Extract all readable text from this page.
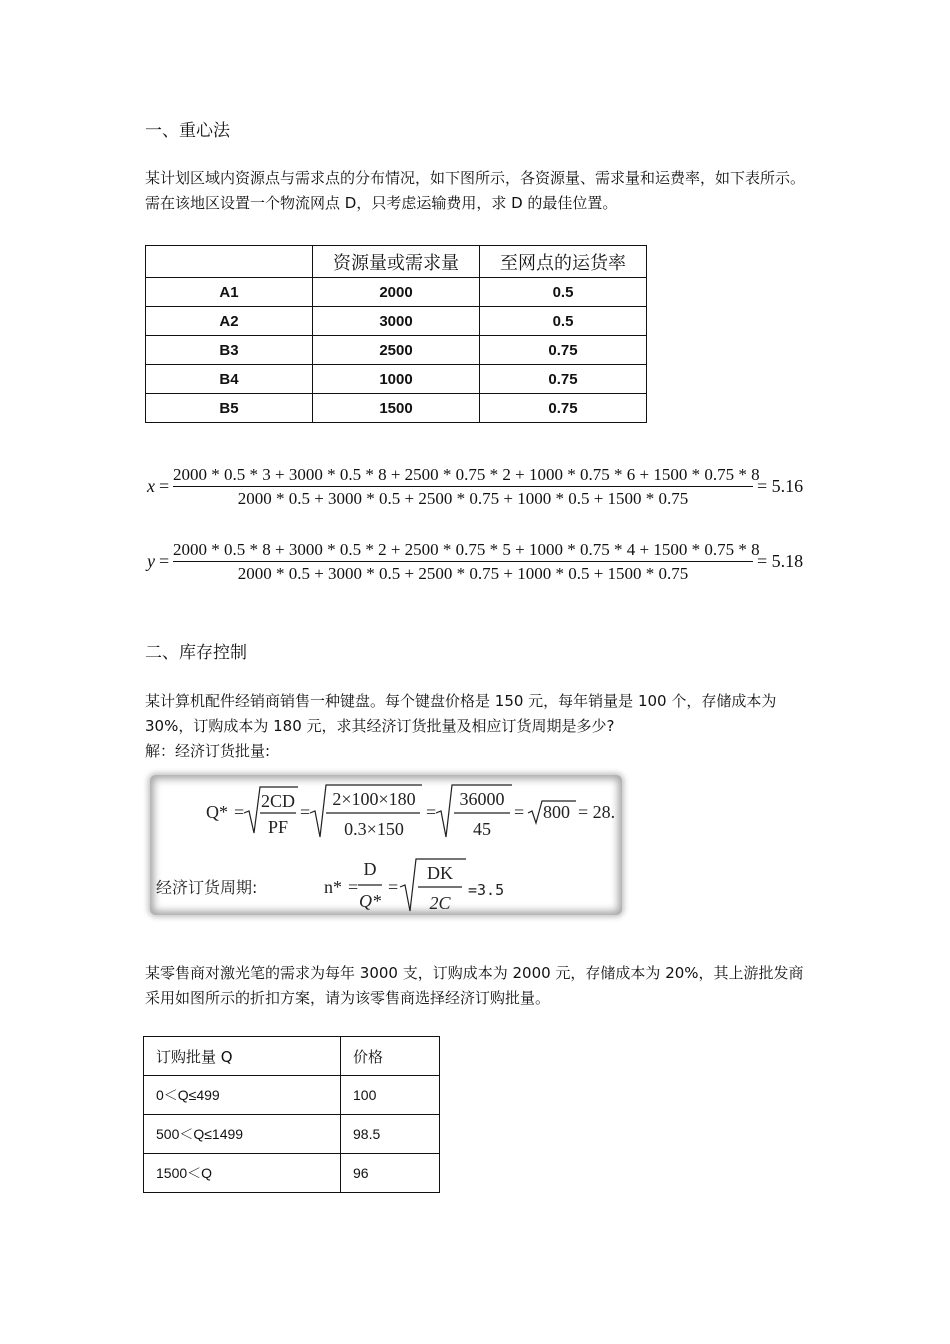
一、重心法
某计划区域内资源点与需求点的分布情况，如下图所示，各资源量、需求量和运费率，如下表所示。需在该地区设置一个物流网点 D，只考虑运输费用，求 D 的最佳位置。
	资源量或需求量	至网点的运货率
A1	2000	0.5
A2	3000	0.5
B3	2500	0.75
B4	1000	0.75
B5	1500	0.75
x =
2000 * 0.5 * 3 + 3000 * 0.5 * 8 + 2500 * 0.75 * 2 + 1000 * 0.75 * 6 + 1500 * 0.75 * 8
2000 * 0.5 + 3000 * 0.5 + 2500 * 0.75 + 1000 * 0.5 + 1500 * 0.75
= 5.16
y =
2000 * 0.5 * 8 + 3000 * 0.5 * 2 + 2500 * 0.75 * 5 + 1000 * 0.75 * 4 + 1500 * 0.75 * 8
2000 * 0.5 + 3000 * 0.5 + 2500 * 0.75 + 1000 * 0.5 + 1500 * 0.75
= 5.18
二、库存控制
某计算机配件经销商销售一种键盘。每个键盘价格是 150 元，每年销量是 100 个，存储成本为 30%，订购成本为 180 元，求其经济订货批量及相应订货周期是多少?
解：经济订货批量:
Q* =
2CD
PF
=
2×100×180
0.3×150
=
36000
45
= 800 = 28.
经济订货周期:	n* =
D
Q*
=
DK
2C
=3.5
某零售商对激光笔的需求为每年 3000 支，订购成本为 2000 元，存储成本为 20%，其上游批发商采用如图所示的折扣方案，请为该零售商选择经济订购批量。
订购批量 Q	价格
0＜Q≤499	100
500＜Q≤1499	98.5
1500＜Q	96
